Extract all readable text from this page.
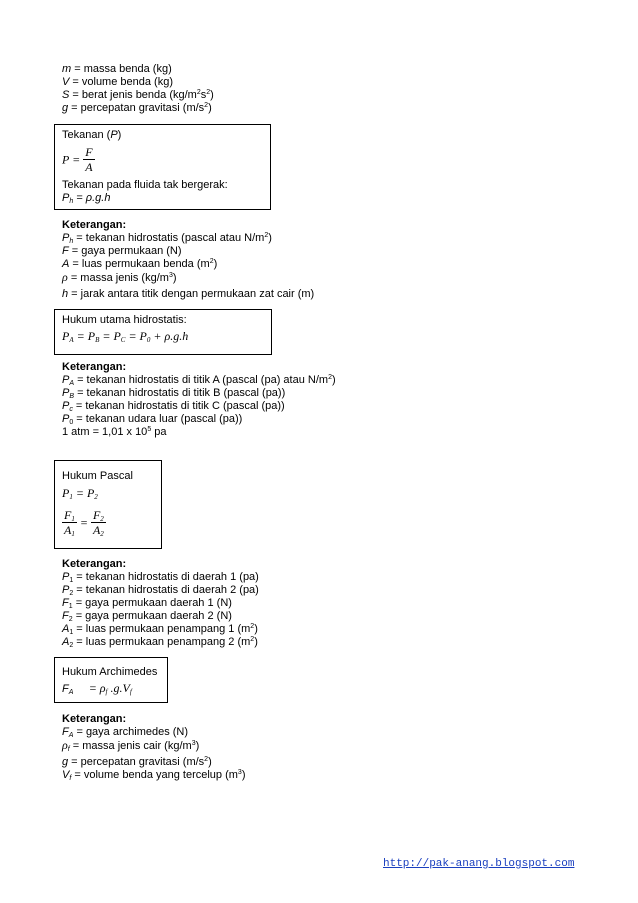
m = massa benda (kg)
V = volume benda (kg)
S = berat jenis benda $(kg/m^2s^2)$
g = percepatan gravitasi $(m/s^2)$
Tekanan (P)
$P = \frac{F}{A}$
Tekanan pada fluida tak bergerak:
$P_h = \rho.g.h$
Keterangan:
$P_h$ = tekanan hidrostatis (pascal atau $N/m^2$)
F = gaya permukaan (N)
A = luas permukaan benda $(m^2)$
ρ = massa jenis $(kg/m^3)$
h = jarak antara titik dengan permukaan zat cair (m)
Hukum utama hidrostatis:
$P_A = P_B = P_C = P_0 + \rho.g.h$
Keterangan:
$P_A$ = tekanan hidrostatis di titik A (pascal (pa) atau $N/m^2$)
$P_B$ = tekanan hidrostatis di titik B (pascal (pa))
$P_c$ = tekanan hidrostatis di titik C (pascal (pa))
$P_0$ = tekanan udara luar (pascal (pa))
1 atm = 1,01 x $10^5$ pa
Hukum Pascal
$P_1 = P_2$
$\frac{F_1}{A_1} = \frac{F_2}{A_2}$
Keterangan:
$P_1$ = tekanan hidrostatis di daerah 1 (pa)
$P_2$ = tekanan hidrostatis di daerah 2 (pa)
$F_1$ = gaya permukaan daerah 1 (N)
$F_2$ = gaya permukaan daerah 2 (N)
$A_1$ = luas permukaan penampang 1 $(m^2)$
$A_2$ = luas permukaan penampang 2 $(m^2)$
Hukum Archimedes
$F_A = \rho_f$ $.g.V_f$
Keterangan:
$F_A$ = gaya archimedes (N)
$\rho_f$ = massa jenis cair $(kg/m^3)$
g = percepatan gravitasi $(m/s^2)$
$V_f$ = volume benda yang tercelup $(m^3)$
http://pak-anang.blogspot.com
